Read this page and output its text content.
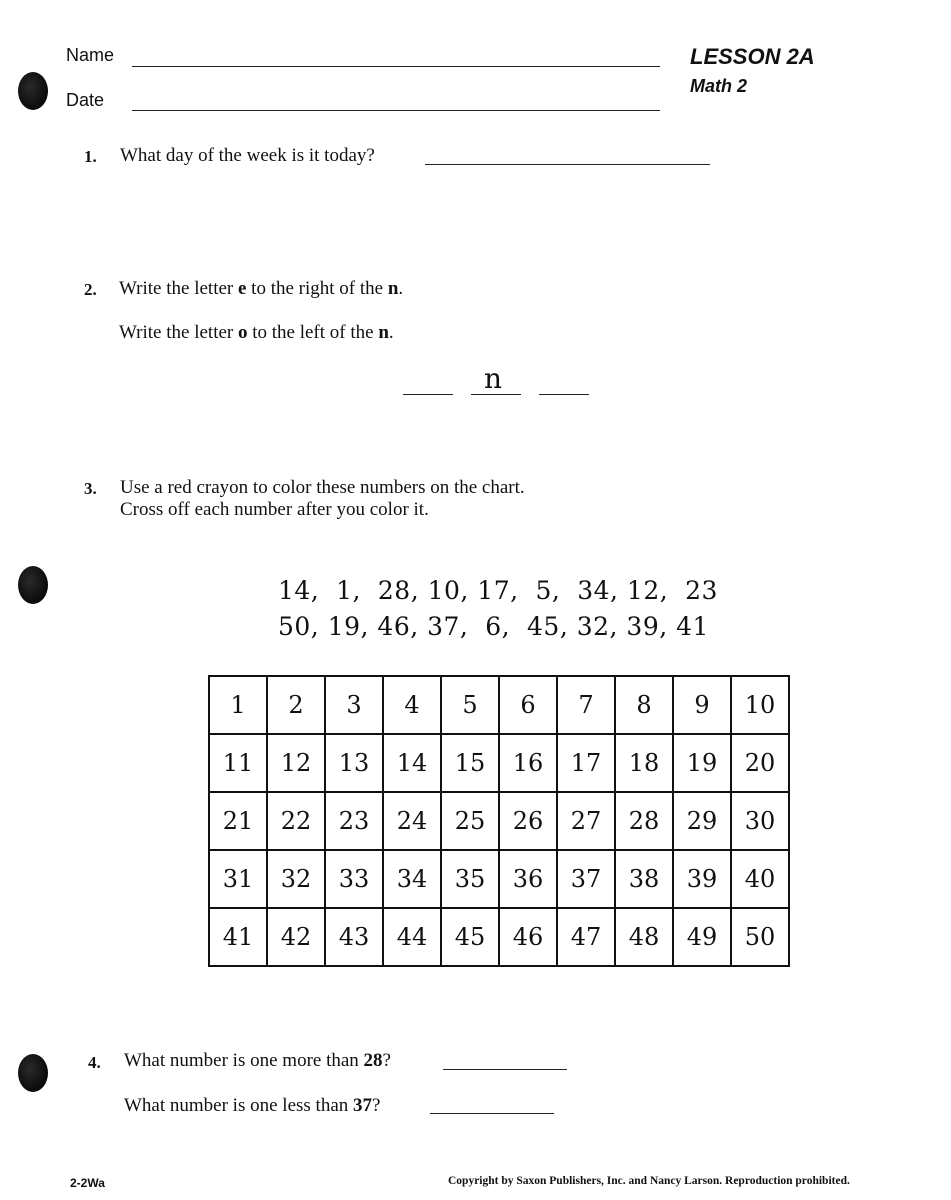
Name
Date
LESSON 2A
Math 2
1. What day of the week is it today?
2. Write the letter e to the right of the n.
Write the letter o to the left of the n.
n
3. Use a red crayon to color these numbers on the chart.
Cross off each number after you color it.
14,  1,  28, 10, 17,  5,  34, 12,  23
50, 19, 46, 37,  6,  45, 32, 39, 41
1	2	3	4	5	6	7	8	9	10
11	12	13	14	15	16	17	18	19	20
21	22	23	24	25	26	27	28	29	30
31	32	33	34	35	36	37	38	39	40
41	42	43	44	45	46	47	48	49	50
4. What number is one more than 28?
What number is one less than 37?
2-2Wa	Copyright by Saxon Publishers, Inc. and Nancy Larson. Reproduction prohibited.
